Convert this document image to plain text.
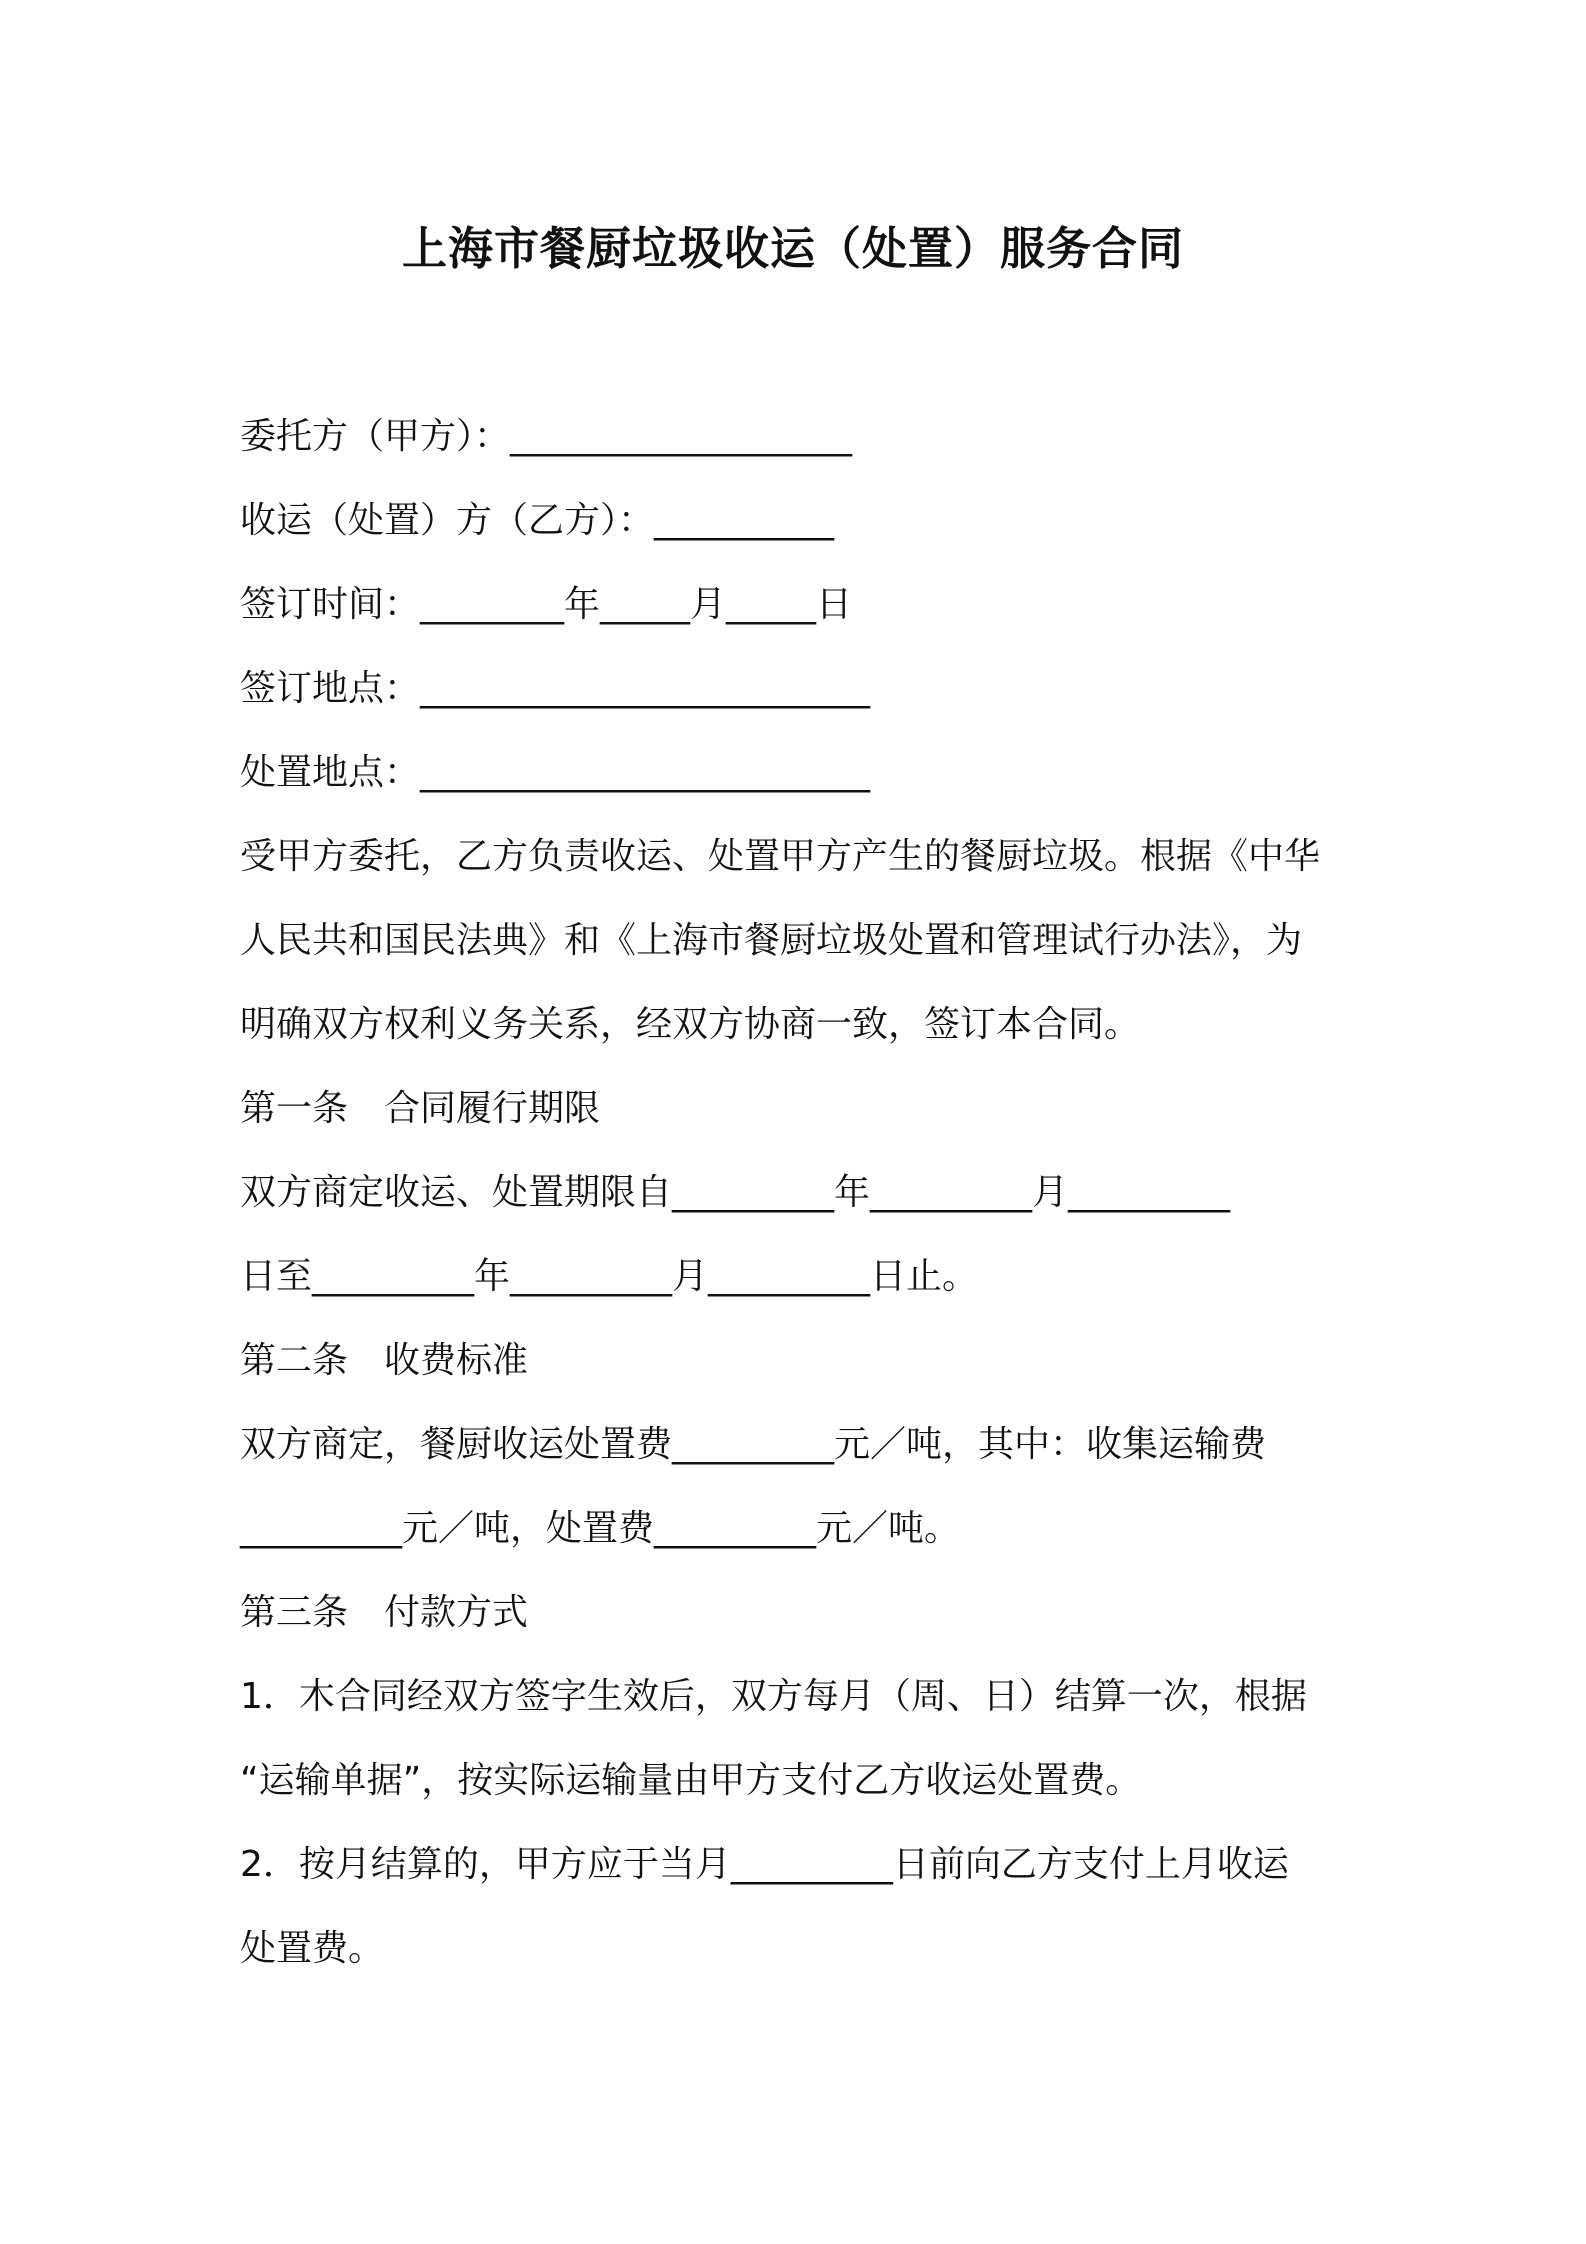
上海市餐厨垃圾收运（处置）服务合同
委托方（甲方）：___________________
收运（处置）方（乙方）：__________
签订时间：________年_____月_____日
签订地点：_________________________
处置地点：_________________________
受甲方委托，乙方负责收运、处置甲方产生的餐厨垃圾。根据《中华
人民共和国民法典》和《上海市餐厨垃圾处置和管理试行办法》，为
明确双方权利义务关系，经双方协商一致，签订本合同。
第一条　合同履行期限
双方商定收运、处置期限自_________年_________月_________
日至_________年_________月_________日止。
第二条　收费标准
双方商定，餐厨收运处置费_________元／吨，其中：收集运输费
_________元／吨，处置费_________元／吨。
第三条　付款方式
1．木合同经双方签字生效后，双方每月（周、日）结算一次，根据
“运输单据”，按实际运输量由甲方支付乙方收运处置费。
2．按月结算的，甲方应于当月_________日前向乙方支付上月收运
处置费。
